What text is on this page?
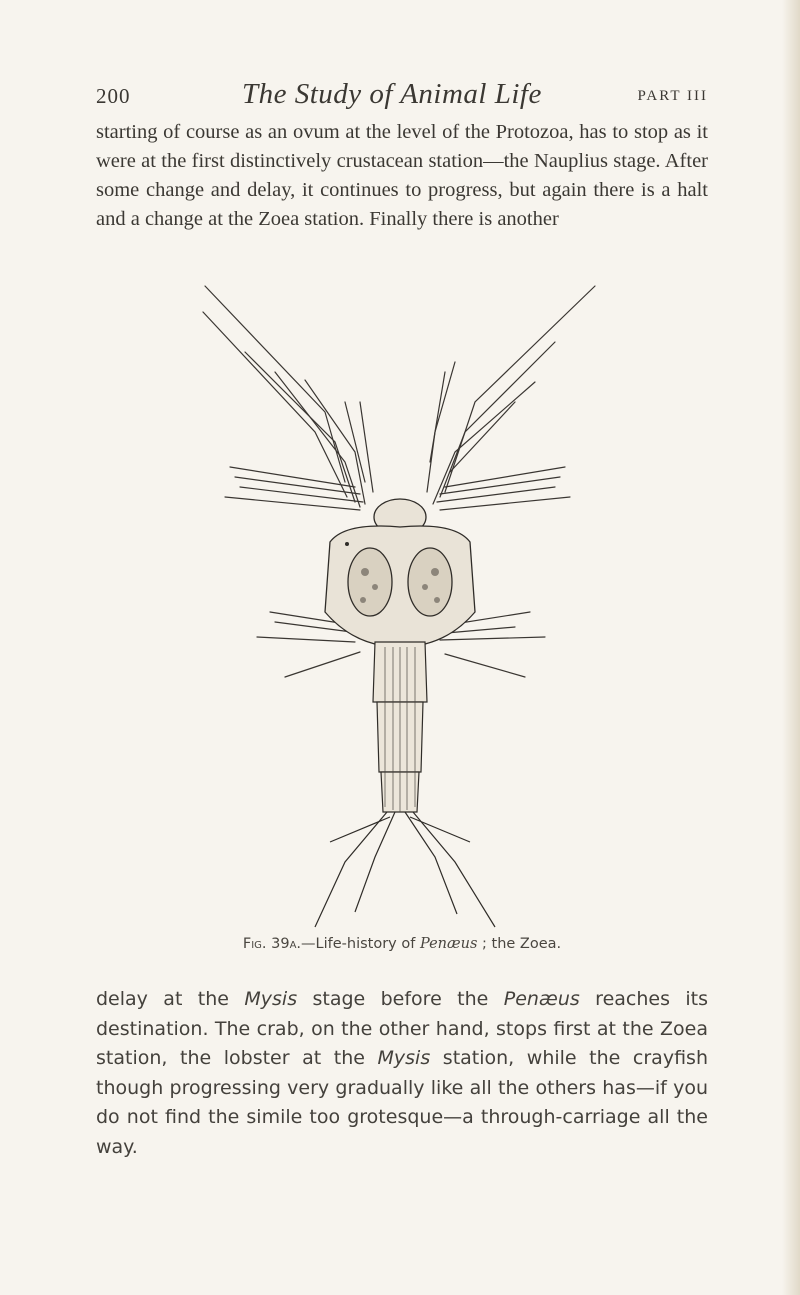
200	The Study of Animal Life	PART III

starting of course as an ovum at the level of the Protozoa, has to stop as it were at the first distinctively crustacean station—the Nauplius stage. After some change and delay, it continues to progress, but again there is a halt and a change at the Zoea station. Finally there is another

Fig. 39a.—Life-history of Penæus ; the Zoea.

delay at the Mysis stage before the Penæus reaches its destination. The crab, on the other hand, stops first at the Zoea station, the lobster at the Mysis station, while the crayfish though progressing very gradually like all the others has—if you do not find the simile too grotesque—a through-carriage all the way.
